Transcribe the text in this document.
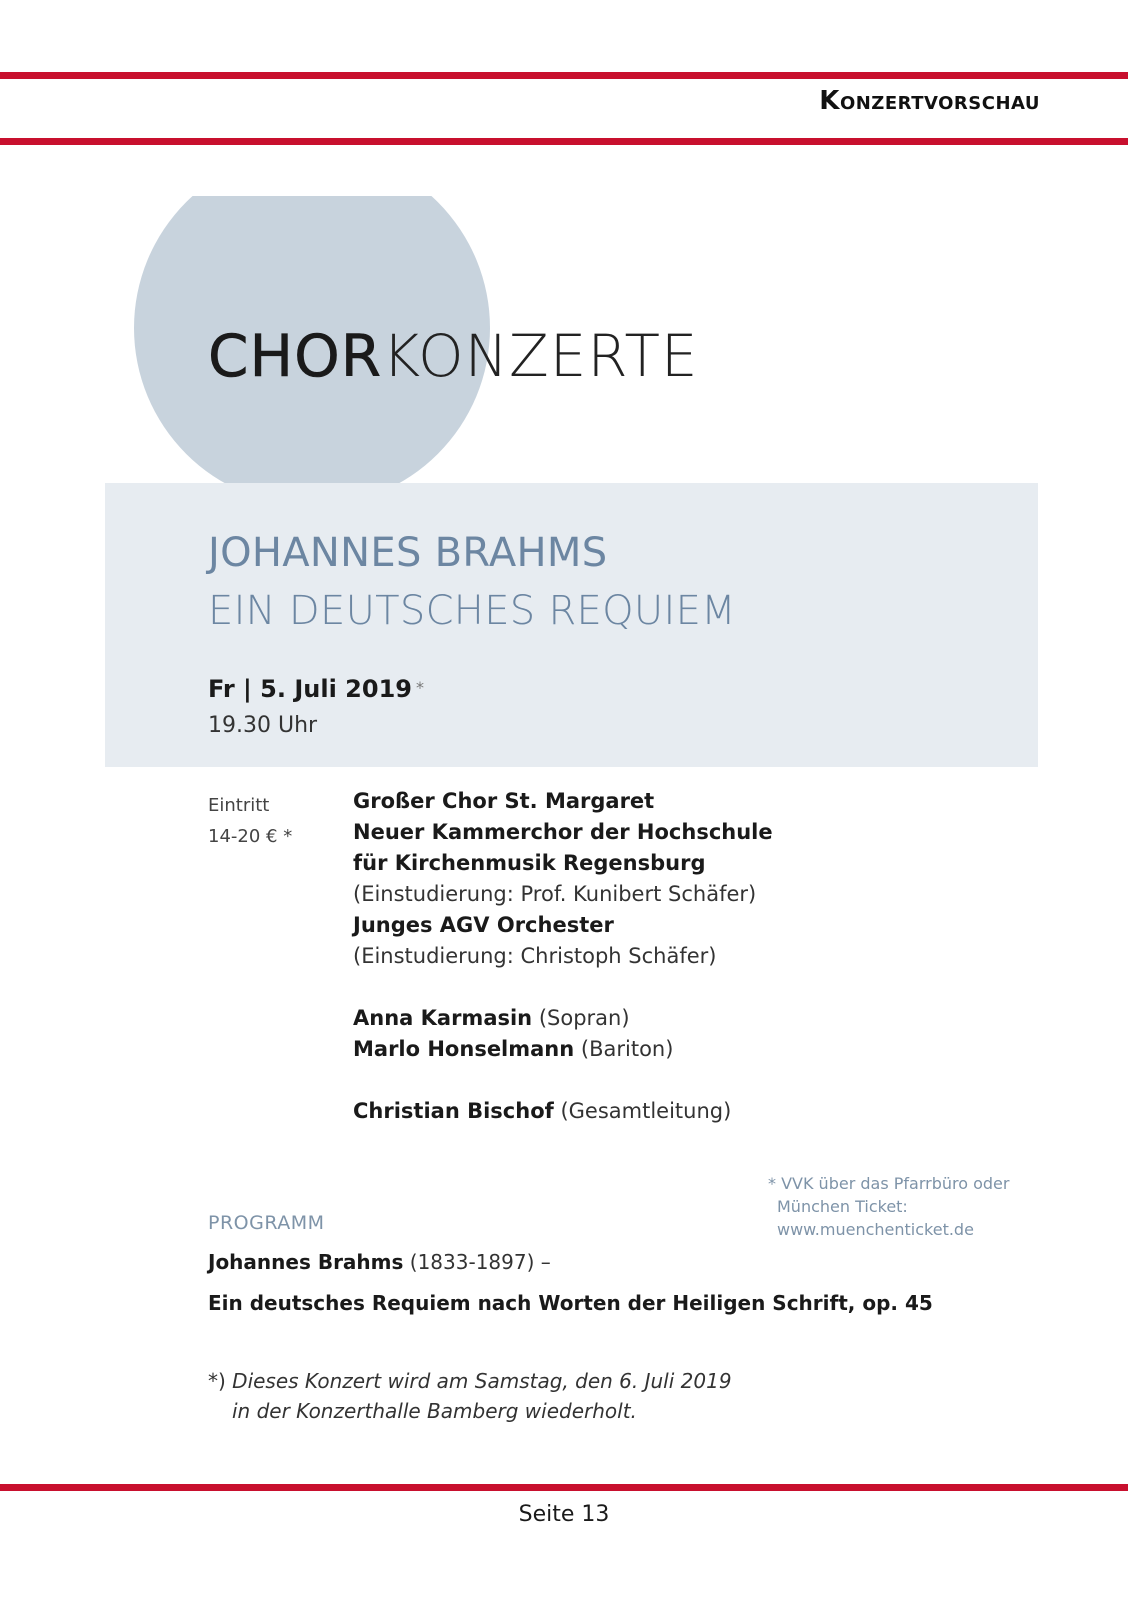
Konzertvorschau
CHORKONZERTE
JOHANNES BRAHMS
EIN DEUTSCHES REQUIEM
Fr | 5. Juli 2019 *
19.30 Uhr
Eintritt
14-20 € *
Großer Chor St. Margaret
Neuer Kammerchor der Hochschule
für Kirchenmusik Regensburg
(Einstudierung: Prof. Kunibert Schäfer)
Junges AGV Orchester
(Einstudierung: Christoph Schäfer)
Anna Karmasin (Sopran)
Marlo Honselmann (Bariton)
Christian Bischof (Gesamtleitung)
* VVK über das Pfarrbüro oder
München Ticket:
www.muenchenticket.de
PROGRAMM
Johannes Brahms (1833-1897) –
Ein deutsches Requiem nach Worten der Heiligen Schrift, op. 45
*) Dieses Konzert wird am Samstag, den 6. Juli 2019
in der Konzerthalle Bamberg wiederholt.
Seite 13
